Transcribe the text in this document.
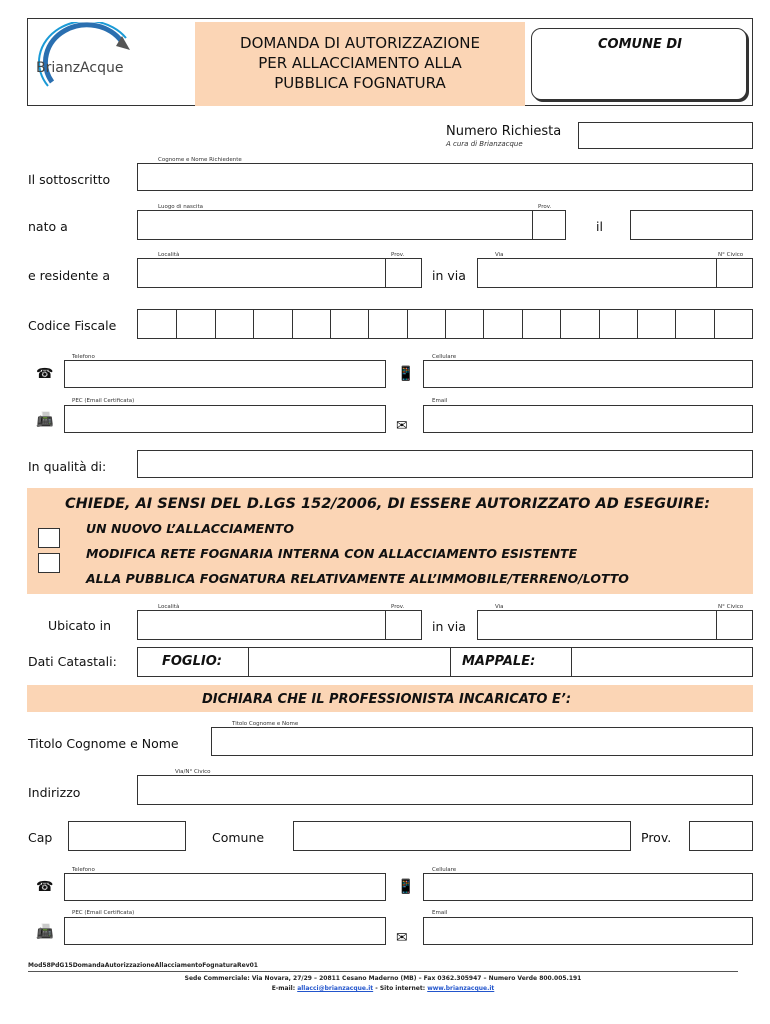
BrianzAcque
DOMANDA DI AUTORIZZAZIONE
PER ALLACCIAMENTO ALLA
PUBBLICA FOGNATURA
COMUNE DI
Numero Richiesta
A cura di Brianzacque
Cognome e Nome Richiedente
Il sottoscritto
Luogo di nascita	Prov.
nato a	il
Località	Prov.	Via	N° Civico
e residente a	in via
Codice Fiscale
Telefono	Cellulare
☎	📱
PEC (Email Certificata)	Email
📠	✉
In qualità di:
CHIEDE, AI SENSI DEL D.LGS 152/2006, DI ESSERE AUTORIZZATO AD ESEGUIRE:
UN NUOVO L’ALLACCIAMENTO
MODIFICA RETE FOGNARIA INTERNA CON ALLACCIAMENTO ESISTENTE
ALLA PUBBLICA FOGNATURA RELATIVAMENTE ALL’IMMOBILE/TERRENO/LOTTO
Località	Prov.	Via	N° Civico
Ubicato in	in via
Dati Catastali:	FOGLIO:	MAPPALE:
DICHIARA CHE IL PROFESSIONISTA INCARICATO E’:
Titolo Cognome e Nome
Titolo Cognome e Nome
Via/N° Civico
Indirizzo
Cap	Comune	Prov.
Telefono	Cellulare
☎	📱
PEC (Email Certificata)	Email
📠	✉
Mod58PdG15DomandaAutorizzazioneAllacciamentoFognaturaRev01
Sede Commerciale: Via Novara, 27/29 – 20811 Cesano Maderno (MB) – Fax 0362.305947 – Numero Verde 800.005.191
E-mail: allacci@brianzacque.it - Sito internet: www.brianzacque.it
